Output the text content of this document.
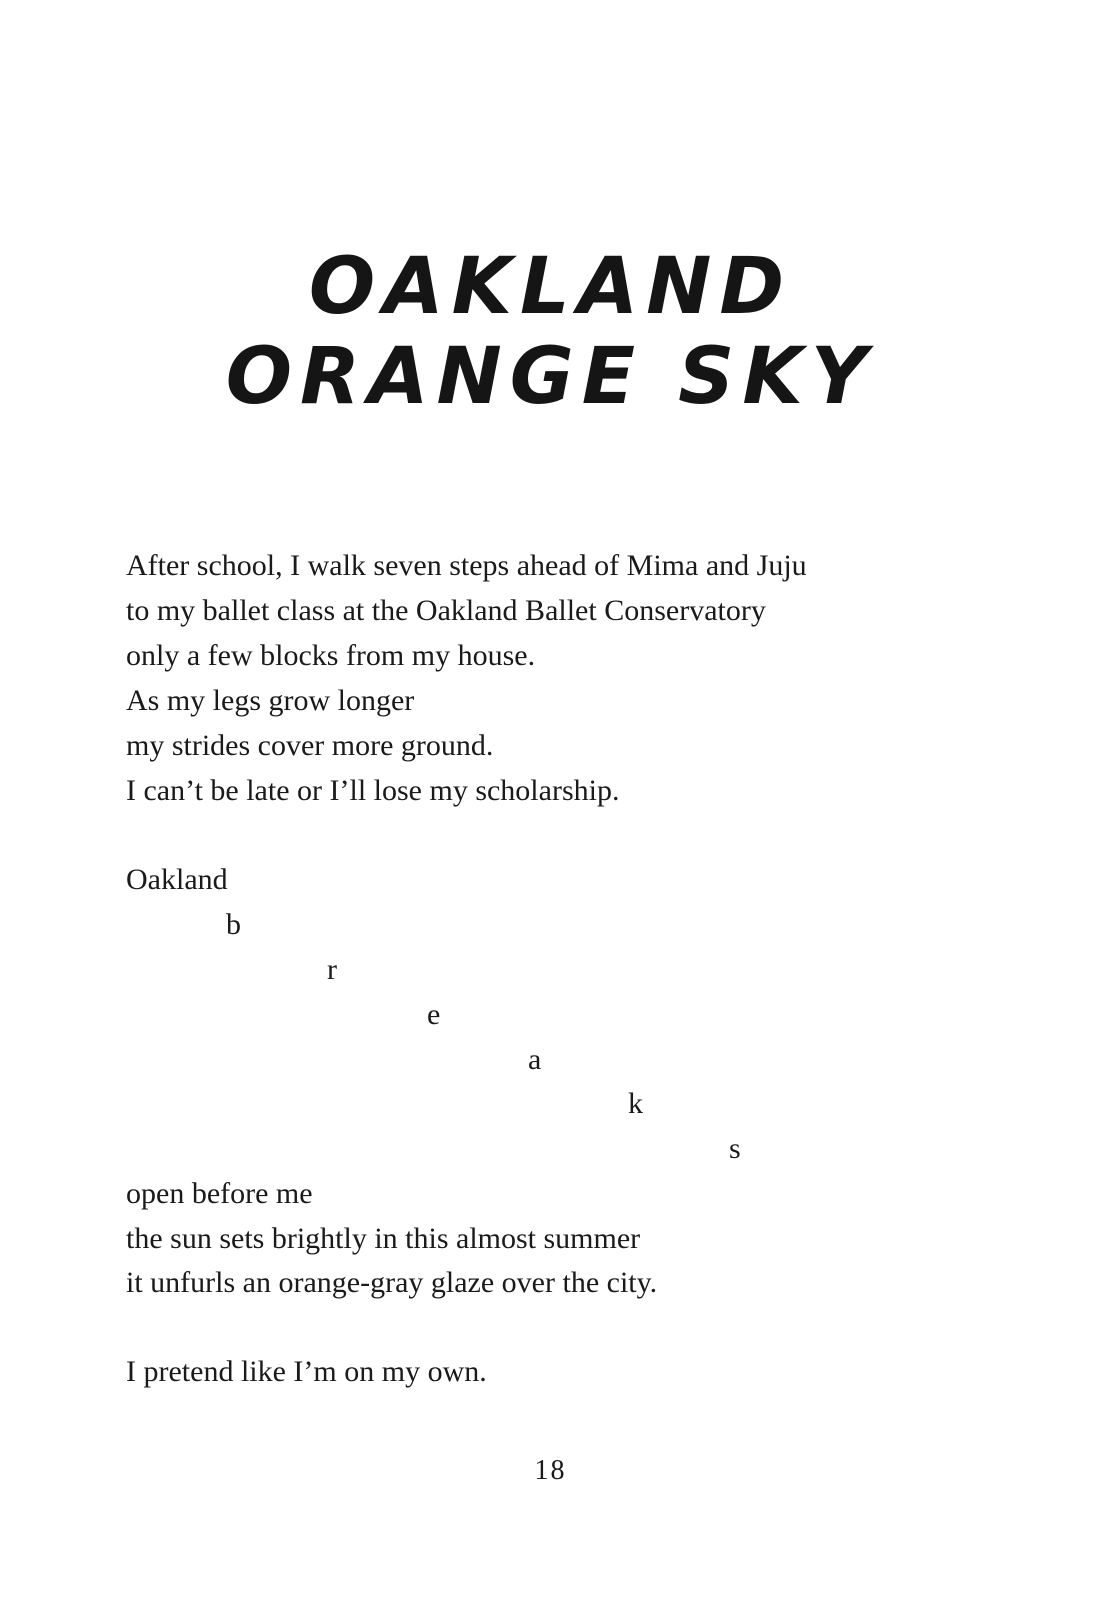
OAKLAND
ORANGE SKY

After school, I walk seven steps ahead of Mima and Juju

to my ballet class at the Oakland Ballet Conservatory

only a few blocks from my house.

As my legs grow longer

my strides cover more ground.

I can’t be late or I’ll lose my scholarship.

Oakland

b
r
e
a
k
s

open before me

the sun sets brightly in this almost summer

it unfurls an orange-gray glaze over the city.

I pretend like I’m on my own.

18
